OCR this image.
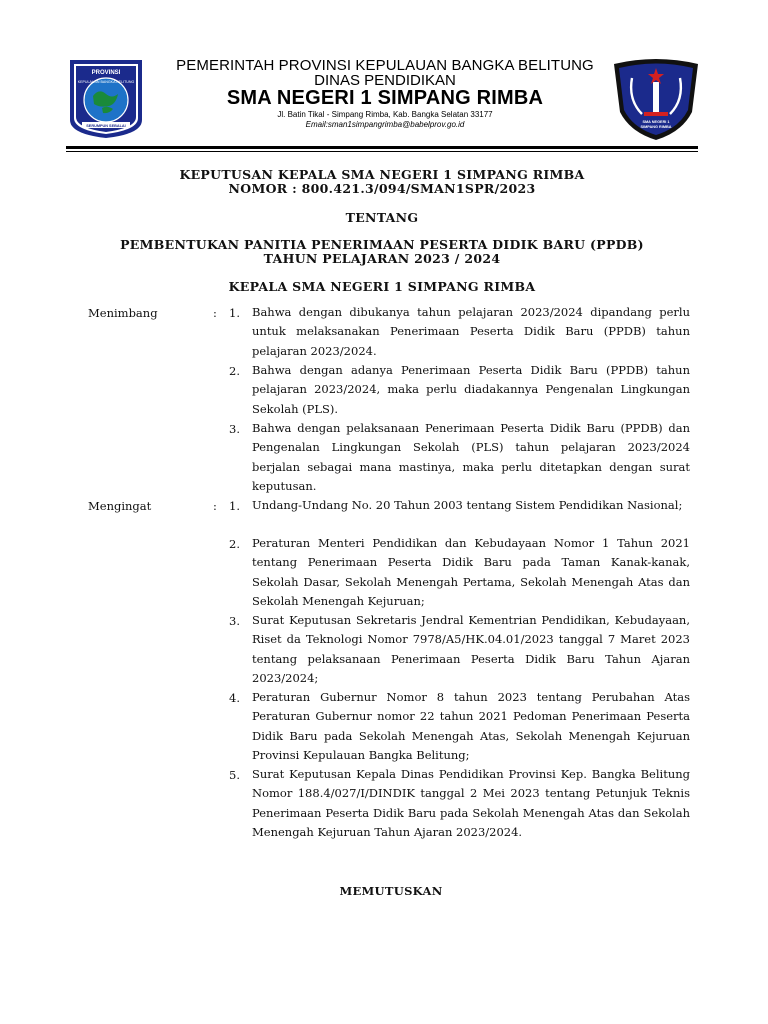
PROVINSI
KEPULAUAN BANGKA BELITUNG
SERUMPUN SEBALAI
PEMERINTAH PROVINSI KEPULAUAN BANGKA BELITUNG
DINAS PENDIDIKAN
SMA NEGERI 1 SIMPANG RIMBA
Jl. Batin Tikal - Simpang Rimba, Kab. Bangka Selatan 33177
Email:sman1simpangrimba@babelprov.go.id	SMA NEGERI 1
SIMPANG RIMBA
KEPUTUSAN KEPALA SMA NEGERI 1 SIMPANG RIMBA
NOMOR : 800.421.3/094/SMAN1SPR/2023
TENTANG
PEMBENTUKAN PANITIA PENERIMAAN PESERTA DIDIK BARU (PPDB)
TAHUN PELAJARAN 2023 / 2024
KEPALA SMA NEGERI 1 SIMPANG RIMBA
Menimbang	: 1.	Bahwa dengan dibukanya tahun pelajaran 2023/2024 dipandang perlu untuk melaksanakan Penerimaan Peserta Didik Baru (PPDB) tahun pelajaran 2023/2024.
2.	Bahwa dengan adanya Penerimaan Peserta Didik Baru (PPDB) tahun pelajaran 2023/2024, maka perlu diadakannya Pengenalan Lingkungan Sekolah (PLS).
3.	Bahwa dengan pelaksanaan Penerimaan Peserta Didik Baru (PPDB) dan Pengenalan Lingkungan Sekolah (PLS) tahun pelajaran 2023/2024 berjalan sebagai mana mastinya, maka perlu ditetapkan dengan surat keputusan.
Mengingat	: 1.	Undang-Undang No. 20 Tahun 2003 tentang Sistem Pendidikan Nasional;
2.	Peraturan Menteri Pendidikan dan Kebudayaan Nomor 1 Tahun 2021 tentang Penerimaan Peserta Didik Baru pada Taman Kanak-kanak, Sekolah Dasar, Sekolah Menengah Pertama, Sekolah Menengah Atas dan Sekolah Menengah Kejuruan;
3.	Surat Keputusan Sekretaris Jendral Kementrian Pendidikan, Kebudayaan, Riset da Teknologi Nomor 7978/A5/HK.04.01/2023 tanggal 7 Maret 2023 tentang pelaksanaan Penerimaan Peserta Didik Baru Tahun Ajaran 2023/2024;
4.	Peraturan Gubernur Nomor 8 tahun 2023 tentang Perubahan Atas Peraturan Gubernur nomor 22 tahun 2021 Pedoman Penerimaan Peserta Didik Baru pada Sekolah Menengah Atas, Sekolah Menengah Kejuruan Provinsi Kepulauan Bangka Belitung;
5.	Surat Keputusan Kepala Dinas Pendidikan Provinsi Kep. Bangka Belitung Nomor 188.4/027/I/DINDIK tanggal 2 Mei 2023 tentang Petunjuk Teknis Penerimaan Peserta Didik Baru pada Sekolah Menengah Atas dan Sekolah Menengah Kejuruan Tahun Ajaran 2023/2024.
MEMUTUSKAN
